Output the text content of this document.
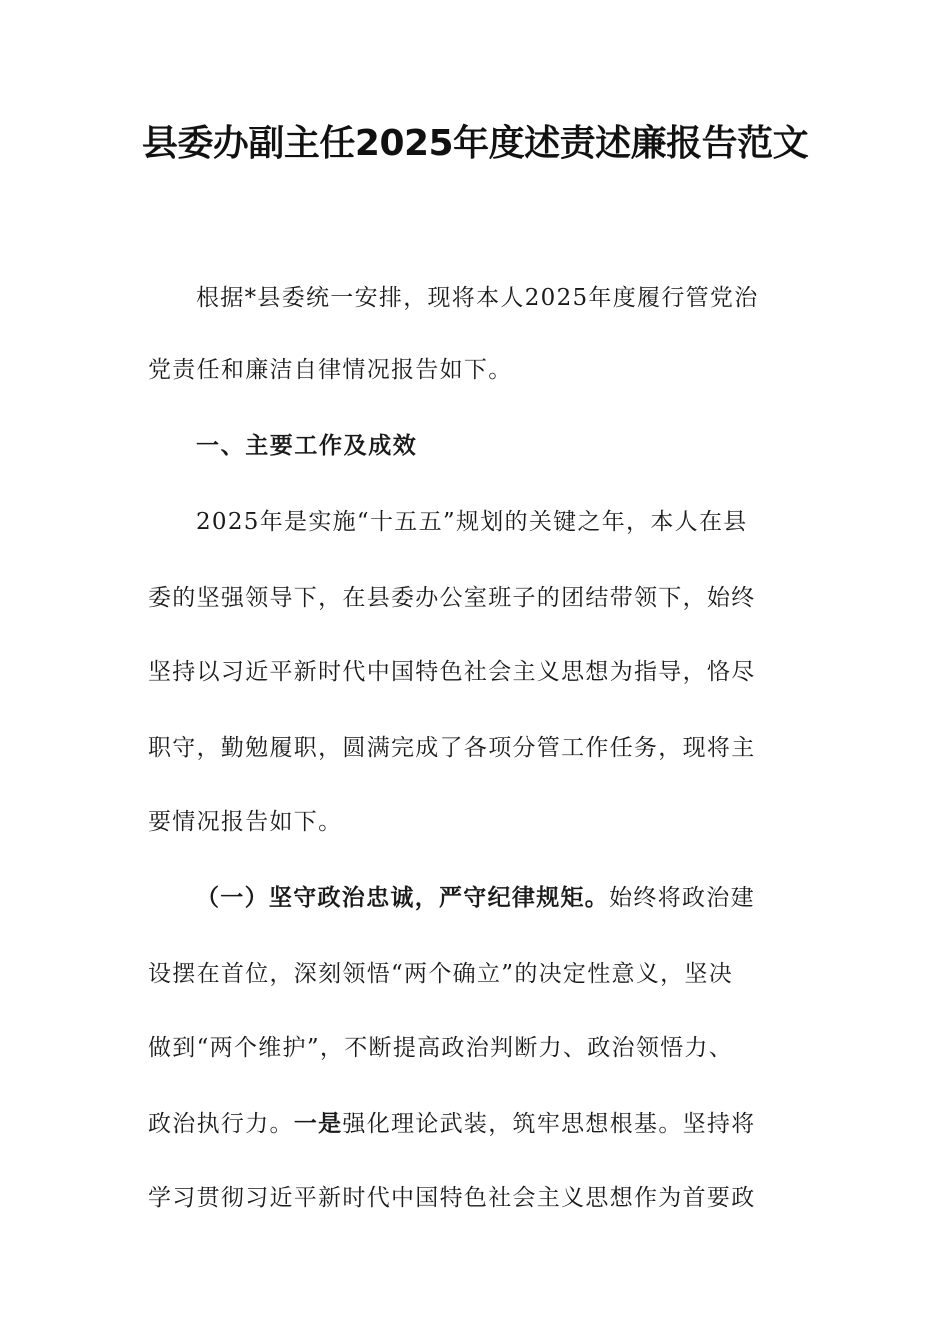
县委办副主任2025年度述责述廉报告范文
根据*县委统一安排，现将本人2025年度履行管党治
党责任和廉洁自律情况报告如下。
一、主要工作及成效
2025年是实施“十五五”规划的关键之年，本人在县
委的坚强领导下，在县委办公室班子的团结带领下，始终
坚持以习近平新时代中国特色社会主义思想为指导，恪尽
职守，勤勉履职，圆满完成了各项分管工作任务，现将主
要情况报告如下。
（一）坚守政治忠诚，严守纪律规矩。始终将政治建
设摆在首位，深刻领悟“两个确立”的决定性意义，坚决
做到“两个维护”，不断提高政治判断力、政治领悟力、
政治执行力。一是强化理论武装，筑牢思想根基。坚持将
学习贯彻习近平新时代中国特色社会主义思想作为首要政
